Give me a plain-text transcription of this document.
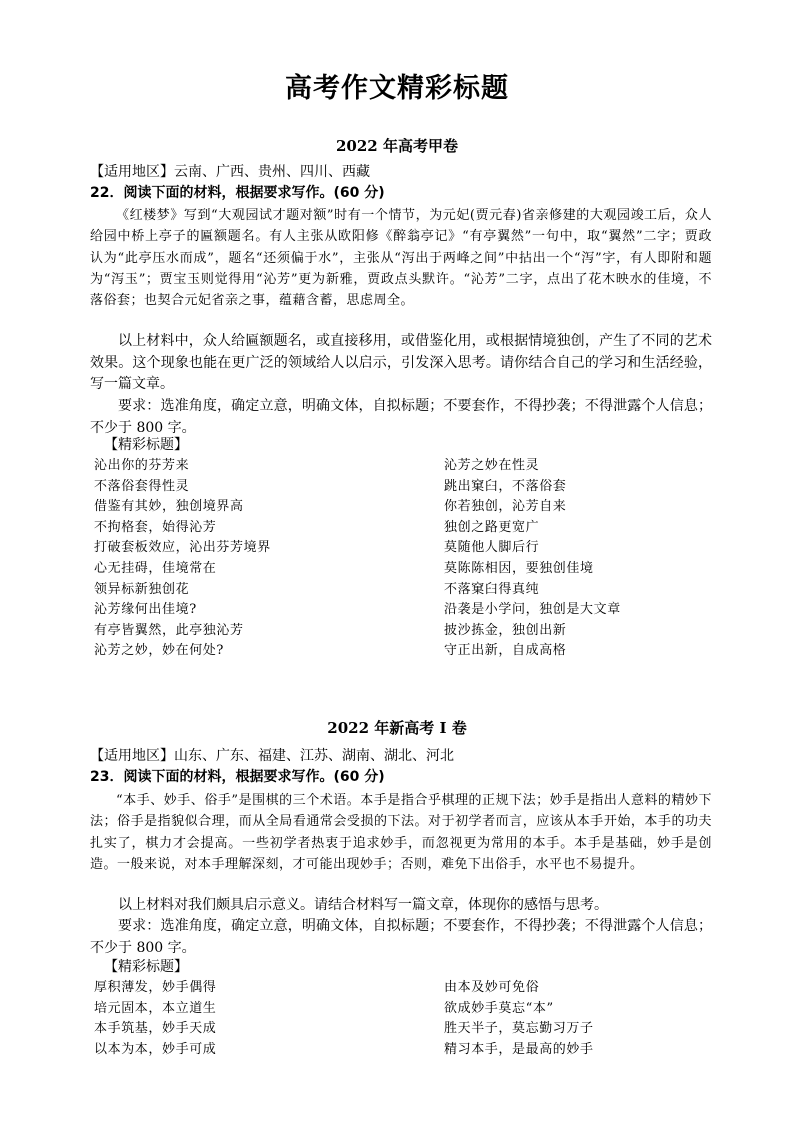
高考作文精彩标题
2022 年高考甲卷
【适用地区】云南、广西、贵州、四川、西藏
22．阅读下面的材料，根据要求写作。(60 分)
《红楼梦》写到“大观园试才题对额”时有一个情节，为元妃(贾元春)省亲修建的大观园竣工后，众人给园中桥上亭子的匾额题名。有人主张从欧阳修《醉翁亭记》“有亭翼然”一句中，取“翼然”二字；贾政认为“此亭压水而成”，题名“还须偏于水”，主张从“泻出于两峰之间”中拈出一个“泻”字，有人即附和题为“泻玉”；贾宝玉则觉得用“沁芳”更为新雅，贾政点头默许。“沁芳”二字，点出了花木映水的佳境，不落俗套；也契合元妃省亲之事，蕴藉含蓄，思虑周全。
以上材料中，众人给匾额题名，或直接移用，或借鉴化用，或根据情境独创，产生了不同的艺术效果。这个现象也能在更广泛的领域给人以启示，引发深入思考。请你结合自己的学习和生活经验，写一篇文章。
要求：选准角度，确定立意，明确文体，自拟标题；不要套作，不得抄袭；不得泄露个人信息；不少于 800 字。
【精彩标题】
沁出你的芬芳来
不落俗套得性灵
借鉴有其妙，独创境界高
不拘格套，始得沁芳
打破套板效应，沁出芬芳境界
心无挂碍，佳境常在
领异标新独创花
沁芳缘何出佳境?
有亭皆翼然，此亭独沁芳
沁芳之妙，妙在何处?
沁芳之妙在性灵
跳出窠臼，不落俗套
你若独创，沁芳自来
独创之路更宽广
莫随他人脚后行
莫陈陈相因，要独创佳境
不落窠臼得真纯
沿袭是小学问，独创是大文章
披沙拣金，独创出新
守正出新，自成高格
2022 年新高考 I 卷
【适用地区】山东、广东、福建、江苏、湖南、湖北、河北
23．阅读下面的材料，根据要求写作。(60 分)
“本手、妙手、俗手”是围棋的三个术语。本手是指合乎棋理的正规下法；妙手是指出人意料的精妙下法；俗手是指貌似合理，而从全局看通常会受损的下法。对于初学者而言，应该从本手开始，本手的功夫扎实了，棋力才会提高。一些初学者热衷于追求妙手，而忽视更为常用的本手。本手是基础，妙手是创造。一般来说，对本手理解深刻，才可能出现妙手；否则，难免下出俗手，水平也不易提升。
以上材料对我们颇具启示意义。请结合材料写一篇文章，体现你的感悟与思考。
要求：选准角度，确定立意，明确文体，自拟标题；不要套作，不得抄袭；不得泄露个人信息；不少于 800 字。
【精彩标题】
厚积薄发，妙手偶得
培元固本，本立道生
本手筑基，妙手天成
以本为本，妙手可成
由本及妙可免俗
欲成妙手莫忘“本”
胜天半子，莫忘勤习万子
精习本手，是最高的妙手
